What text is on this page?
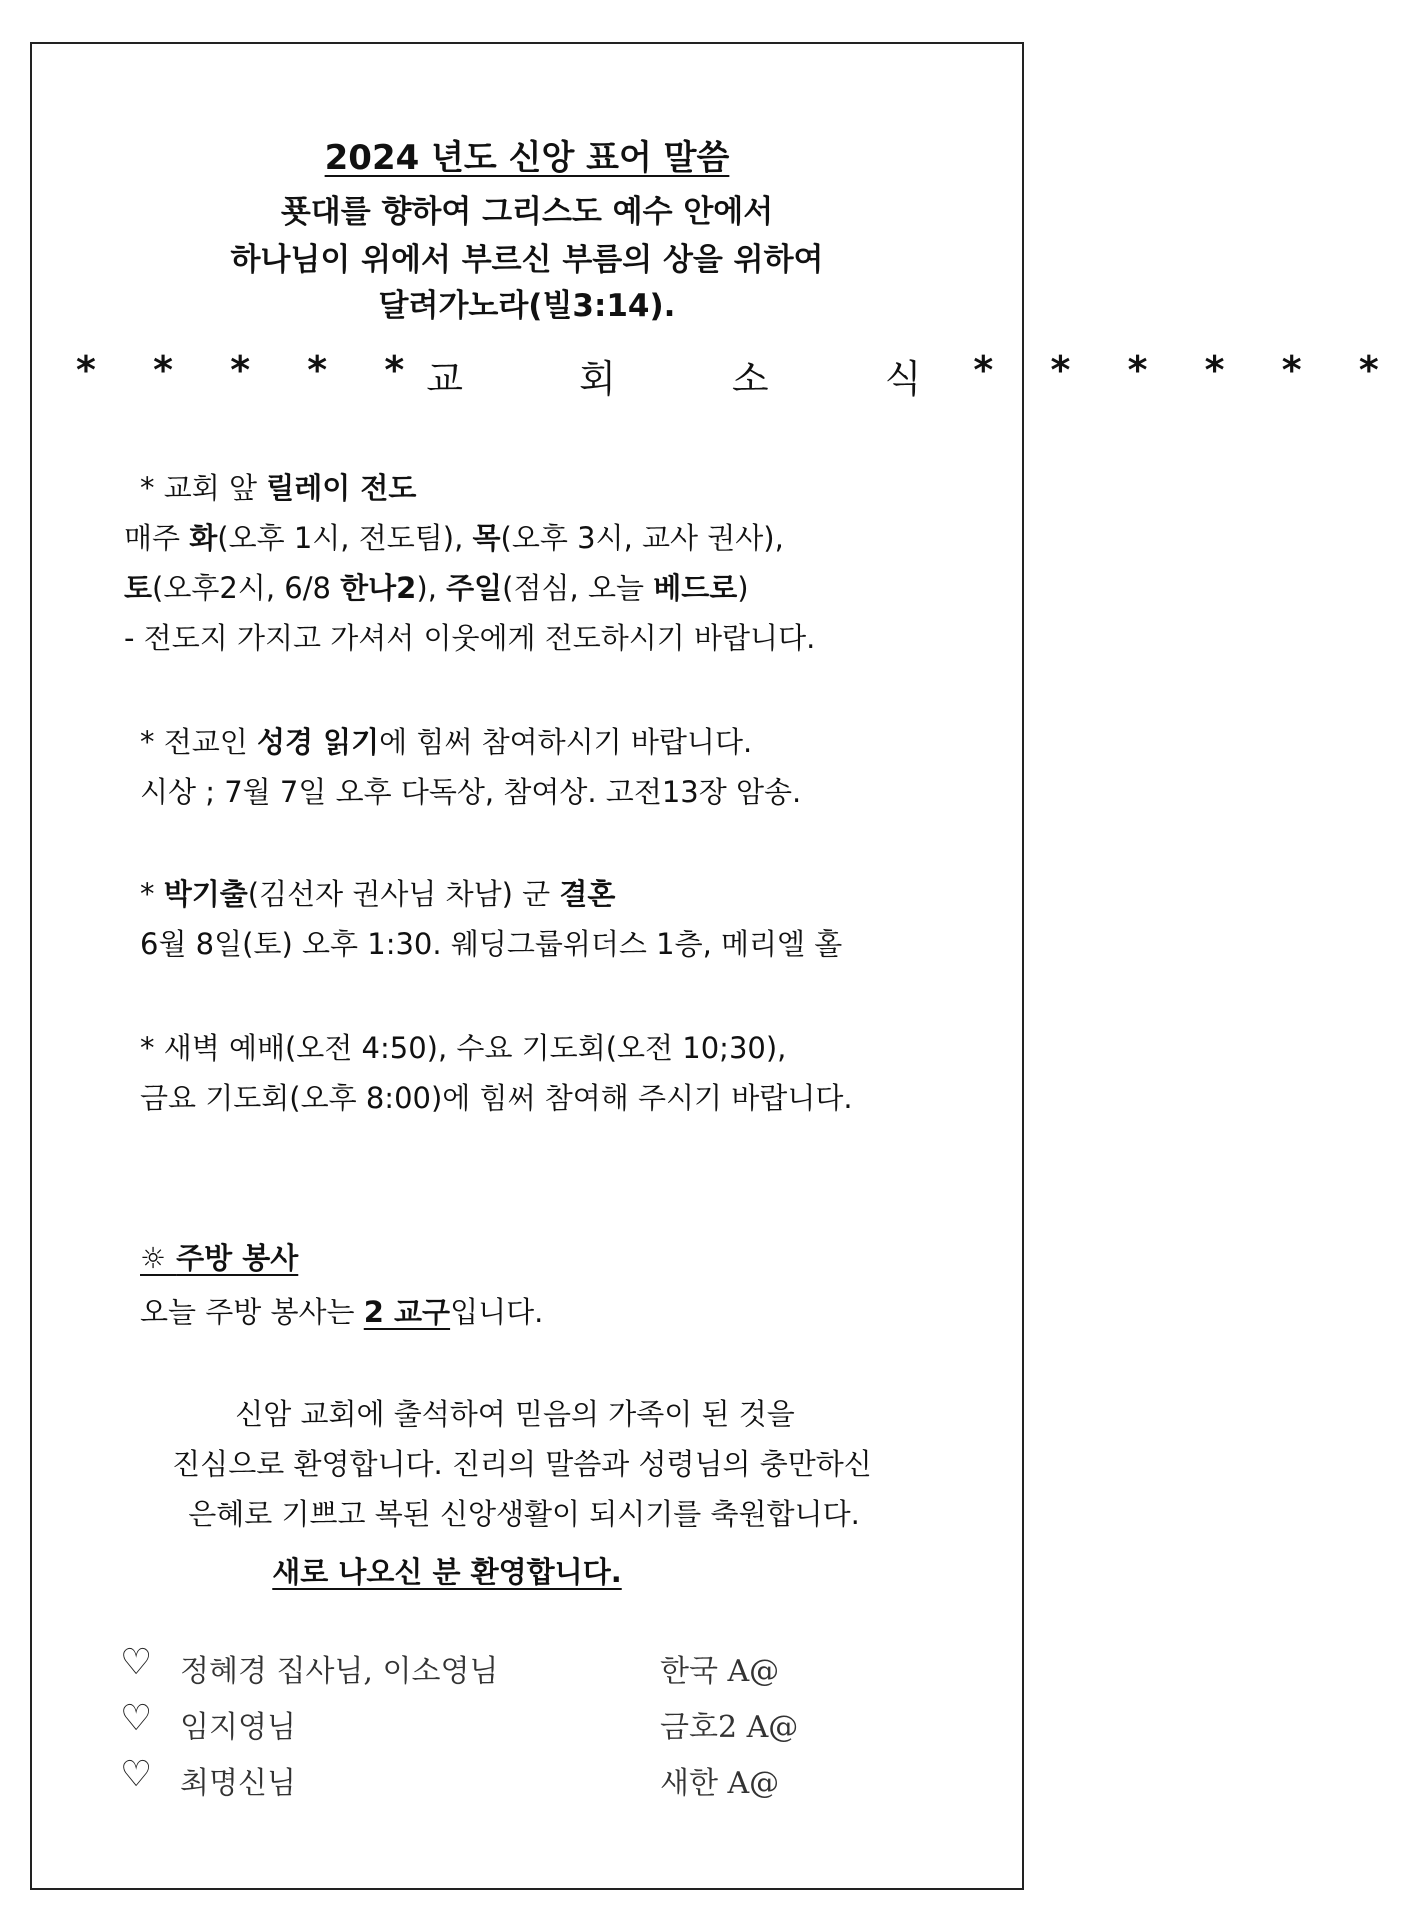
2024 년도 신앙 표어 말씀
푯대를 향하여 그리스도 예수 안에서
하나님이 위에서 부르신 부름의 상을 위하여
달려가노라(빌3:14).
* * * * * 교 회 소 식 * * * * * *
* 교회 앞 릴레이 전도
매주 화(오후 1시, 전도팀), 목(오후 3시, 교사 권사),
토(오후2시, 6/8 한나2), 주일(점심, 오늘 베드로)
- 전도지 가지고 가셔서 이웃에게 전도하시기 바랍니다.
* 전교인 성경 읽기에 힘써 참여하시기 바랍니다.
시상 ; 7월 7일 오후 다독상, 참여상. 고전13장 암송.
* 박기출(김선자 권사님 차남) 군 결혼
6월 8일(토) 오후 1:30. 웨딩그룹위더스 1층, 메리엘 홀
* 새벽 예배(오전 4:50), 수요 기도회(오전 10;30),
금요 기도회(오후 8:00)에 힘써 참여해 주시기 바랍니다.
☼ 주방 봉사
오늘 주방 봉사는 2 교구입니다.
신암 교회에 출석하여 믿음의 가족이 된 것을
진심으로 환영합니다. 진리의 말씀과 성령님의 충만하신
은혜로 기쁘고 복된 신앙생활이 되시기를 축원합니다.
새로 나오신 분 환영합니다.
♡ 정혜경 집사님, 이소영님	한국 A@
♡ 임지영님	금호2 A@
♡ 최명신님	새한 A@
